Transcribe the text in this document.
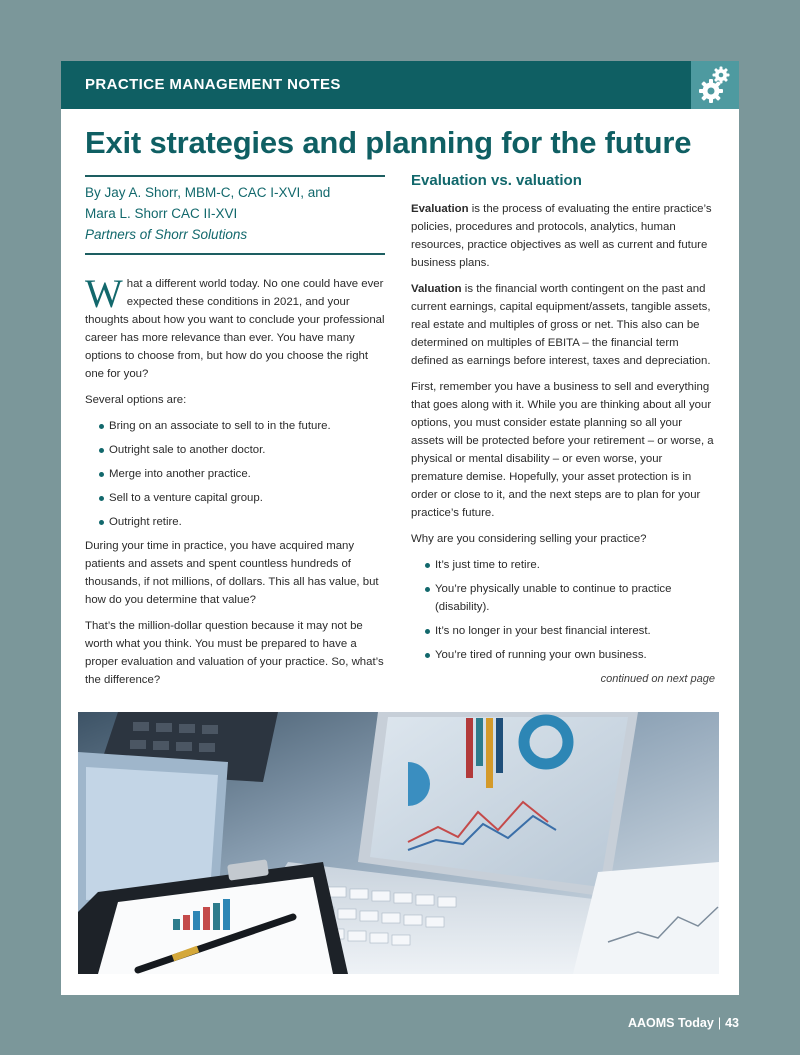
PRACTICE MANAGEMENT NOTES
Exit strategies and planning for the future
By Jay A. Shorr, MBM-C, CAC I-XVI, and
Mara L. Shorr CAC II-XVI
Partners of Shorr Solutions

What a different world today. No one could have ever expected these conditions in 2021, and your thoughts about how you want to conclude your professional career has more relevance than ever. You have many options to choose from, but how do you choose the right one for you?

Several options are:

Bring on an associate to sell to in the future.
Outright sale to another doctor.
Merge into another practice.
Sell to a venture capital group.
Outright retire.

During your time in practice, you have acquired many patients and assets and spent countless hundreds of thousands, if not millions, of dollars. This all has value, but how do you determine that value?

That’s the million-dollar question because it may not be worth what you think. You must be prepared to have a proper evaluation and valuation of your practice. So, what’s the difference?

Evaluation vs. valuation

Evaluation is the process of evaluating the entire practice’s policies, procedures and protocols, analytics, human resources, practice objectives as well as current and future business plans.

Valuation is the financial worth contingent on the past and current earnings, capital equipment/assets, tangible assets, real estate and multiples of gross or net. This also can be determined on multiples of EBITA – the financial term defined as earnings before interest, taxes and depreciation.

First, remember you have a business to sell and everything that goes along with it. While you are thinking about all your options, you must consider estate planning so all your assets will be protected before your retirement – or worse, a physical or mental disability – or even worse, your premature demise. Hopefully, your asset protection is in order or close to it, and the next steps are to plan for your practice’s future.

Why are you considering selling your practice?

It’s just time to retire.
You’re physically unable to continue to practice (disability).
It’s no longer in your best financial interest.
You’re tired of running your own business.
continued on next page
AAOMS Today | 43
